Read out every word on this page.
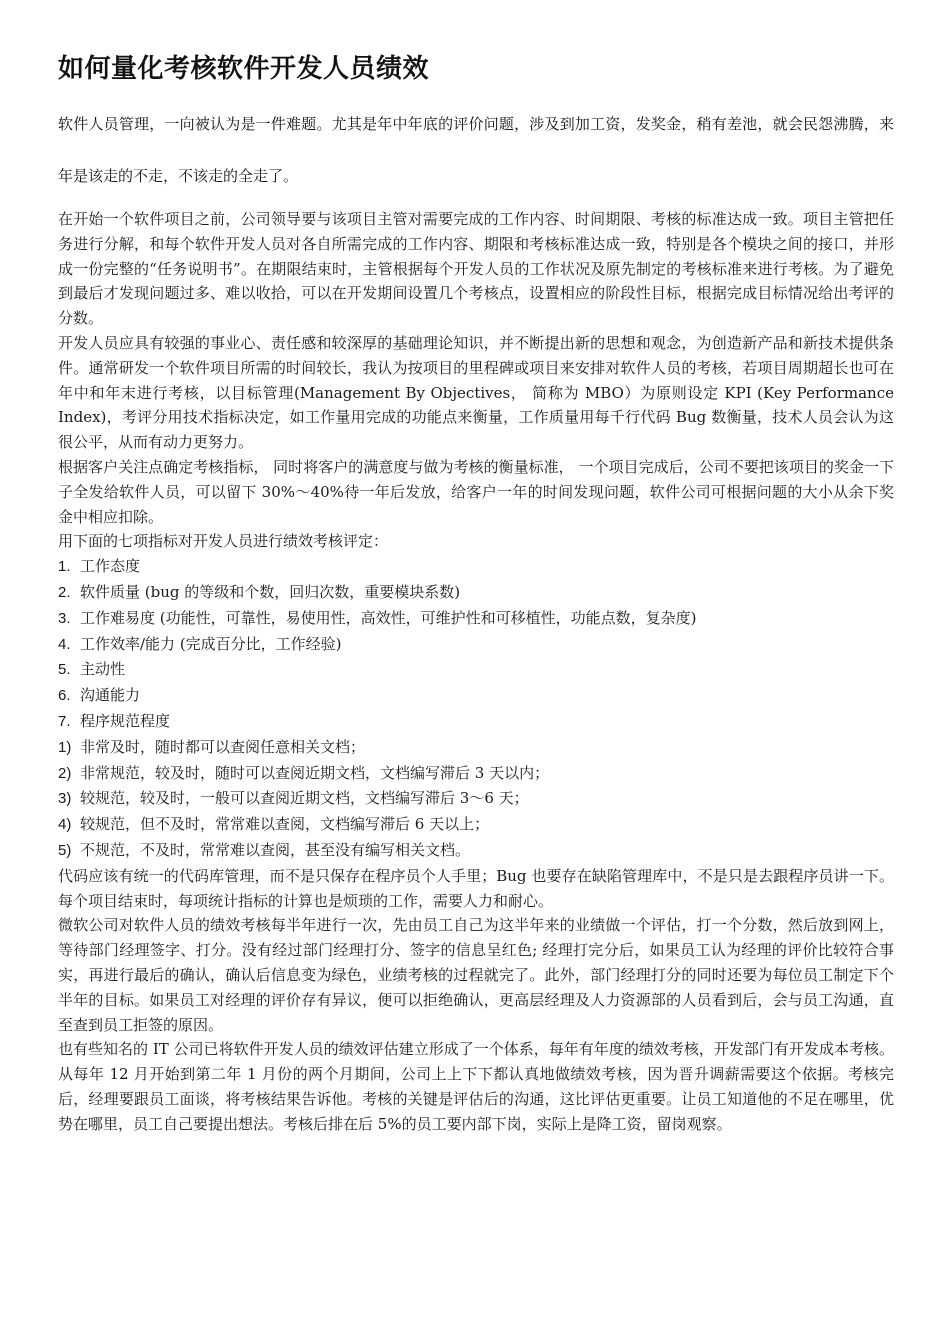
如何量化考核软件开发人员绩效

软件人员管理，一向被认为是一件难题。尤其是年中年底的评价问题，涉及到加工资，发奖金，稍有差池，就会民怨沸腾，来年是该走的不走，不该走的全走了。

在开始一个软件项目之前，公司领导要与该项目主管对需要完成的工作内容、时间期限、考核的标准达成一致。项目主管把任务进行分解，和每个软件开发人员对各自所需完成的工作内容、期限和考核标准达成一致，特别是各个模块之间的接口，并形成一份完整的“任务说明书”。在期限结束时，主管根据每个开发人员的工作状况及原先制定的考核标准来进行考核。为了避免到最后才发现问题过多、难以收拾，可以在开发期间设置几个考核点，设置相应的阶段性目标，根据完成目标情况给出考评的分数。

开发人员应具有较强的事业心、责任感和较深厚的基础理论知识，并不断提出新的思想和观念，为创造新产品和新技术提供条件。通常研发一个软件项目所需的时间较长，我认为按项目的里程碑或项目来安排对软件人员的考核，若项目周期超长也可在年中和年末进行考核，以目标管理(Management By Objectives， 简称为 MBO）为原则设定 KPI (Key Performance Index)，考评分用技术指标决定，如工作量用完成的功能点来衡量，工作质量用每千行代码 Bug 数衡量，技术人员会认为这很公平，从而有动力更努力。

根据客户关注点确定考核指标， 同时将客户的满意度与做为考核的衡量标准， 一个项目完成后，公司不要把该项目的奖金一下子全发给软件人员，可以留下 30%～40%待一年后发放，给客户一年的时间发现问题，软件公司可根据问题的大小从余下奖金中相应扣除。

用下面的七项指标对开发人员进行绩效考核评定：

1. 工作态度

2. 软件质量 (bug 的等级和个数，回归次数，重要模块系数)

3. 工作难易度 (功能性，可靠性，易使用性，高效性，可维护性和可移植性，功能点数，复杂度)

4. 工作效率/能力 (完成百分比，工作经验)

5. 主动性

6. 沟通能力

7. 程序规范程度

1) 非常及时，随时都可以查阅任意相关文档；

2) 非常规范，较及时，随时可以查阅近期文档，文档编写滞后 3 天以内；

3) 较规范，较及时，一般可以查阅近期文档，文档编写滞后 3～6 天；

4) 较规范，但不及时，常常难以查阅，文档编写滞后 6 天以上；

5) 不规范，不及时，常常难以查阅，甚至没有编写相关文档。

代码应该有统一的代码库管理，而不是只保存在程序员个人手里；Bug 也要存在缺陷管理库中，不是只是去跟程序员讲一下。每个项目结束时，每项统计指标的计算也是烦琐的工作，需要人力和耐心。

微软公司对软件人员的绩效考核每半年进行一次，先由员工自己为这半年来的业绩做一个评估，打一个分数，然后放到网上，等待部门经理签字、打分。没有经过部门经理打分、签字的信息呈红色; 经理打完分后，如果员工认为经理的评价比较符合事实，再进行最后的确认，确认后信息变为绿色，业绩考核的过程就完了。此外，部门经理打分的同时还要为每位员工制定下个半年的目标。如果员工对经理的评价存有异议，便可以拒绝确认，更高层经理及人力资源部的人员看到后，会与员工沟通，直至查到员工拒签的原因。

也有些知名的 IT 公司已将软件开发人员的绩效评估建立形成了一个体系，每年有年度的绩效考核，开发部门有开发成本考核。从每年 12 月开始到第二年 1 月份的两个月期间，公司上上下下都认真地做绩效考核，因为晋升调薪需要这个依据。考核完后，经理要跟员工面谈，将考核结果告诉他。考核的关键是评估后的沟通，这比评估更重要。让员工知道他的不足在哪里，优势在哪里，员工自己要提出想法。考核后排在后 5%的员工要内部下岗，实际上是降工资，留岗观察。
